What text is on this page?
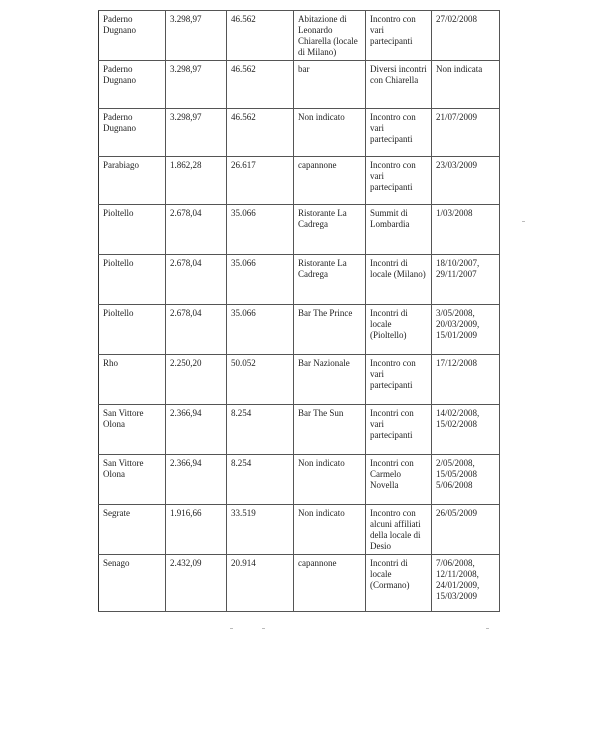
Paderno Dugnano	3.298,97	46.562	Abitazione di Leonardo Chiarella (locale di Milano)	Incontro con vari partecipanti	27/02/2008
Paderno Dugnano	3.298,97	46.562	bar	Diversi incontri con Chiarella	Non indicata
Paderno Dugnano	3.298,97	46.562	Non indicato	Incontro con vari partecipanti	21/07/2009
Parabiago	1.862,28	26.617	capannone	Incontro con vari partecipanti	23/03/2009
Pioltello	2.678,04	35.066	Ristorante La Cadrega	Summit di Lombardia	1/03/2008
Pioltello	2.678,04	35.066	Ristorante La Cadrega	Incontri di locale (Milano)	18/10/2007, 29/11/2007
Pioltello	2.678,04	35.066	Bar The Prince	Incontri di locale (Pioltello)	3/05/2008, 20/03/2009, 15/01/2009
Rho	2.250,20	50.052	Bar Nazionale	Incontro con vari partecipanti	17/12/2008
San Vittore Olona	2.366,94	8.254	Bar The Sun	Incontri con vari partecipanti	14/02/2008, 15/02/2008
San Vittore Olona	2.366,94	8.254	Non indicato	Incontri con Carmelo Novella	2/05/2008, 15/05/2008 5/06/2008
Segrate	1.916,66	33.519	Non indicato	Incontro con alcuni affiliati della locale di Desio	26/05/2009
Senago	2.432,09	20.914	capannone	Incontri di locale (Cormano)	7/06/2008, 12/11/2008, 24/01/2009, 15/03/2009
